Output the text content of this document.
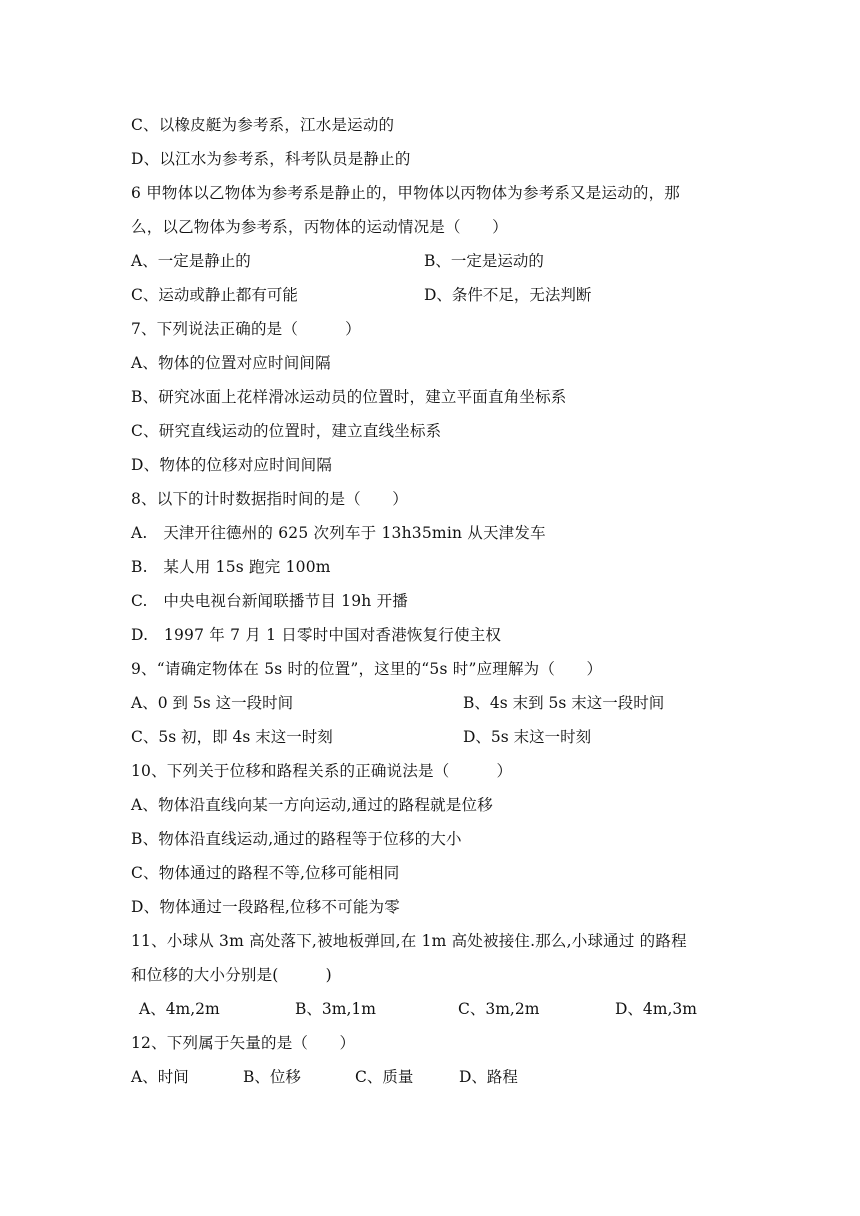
C、以橡皮艇为参考系，江水是运动的
D、以江水为参考系，科考队员是静止的
6 甲物体以乙物体为参考系是静止的，甲物体以丙物体为参考系又是运动的，那
么，以乙物体为参考系，丙物体的运动情况是（　　）
A、一定是静止的	B、一定是运动的
C、运动或静止都有可能	D、条件不足，无法判断
7、下列说法正确的是（　　　）
A、物体的位置对应时间间隔
B、研究冰面上花样滑冰运动员的位置时，建立平面直角坐标系
C、研究直线运动的位置时，建立直线坐标系
D、物体的位移对应时间间隔
8、以下的计时数据指时间的是（　　）
A.　天津开往德州的 625 次列车于 13h35min 从天津发车
B.　某人用 15s 跑完 100m
C.　中央电视台新闻联播节目 19h 开播
D.　1997 年 7 月 1 日零时中国对香港恢复行使主权
9、“请确定物体在 5s 时的位置”，这里的“5s 时”应理解为（　　）
A、0 到 5s 这一段时间	B、4s 末到 5s 末这一段时间
C、5s 初，即 4s 末这一时刻	D、5s 末这一时刻
10、下列关于位移和路程关系的正确说法是（　　　）
A、物体沿直线向某一方向运动,通过的路程就是位移
B、物体沿直线运动,通过的路程等于位移的大小
C、物体通过的路程不等,位移可能相同
D、物体通过一段路程,位移不可能为零
11、小球从 3m 高处落下,被地板弹回,在 1m 高处被接住.那么,小球通过 的路程
和位移的大小分别是(　　　)
A、4m,2m	B、3m,1m	C、3m,2m	D、4m,3m
12、下列属于矢量的是（　　）
A、时间	B、位移	C、质量	D、路程
